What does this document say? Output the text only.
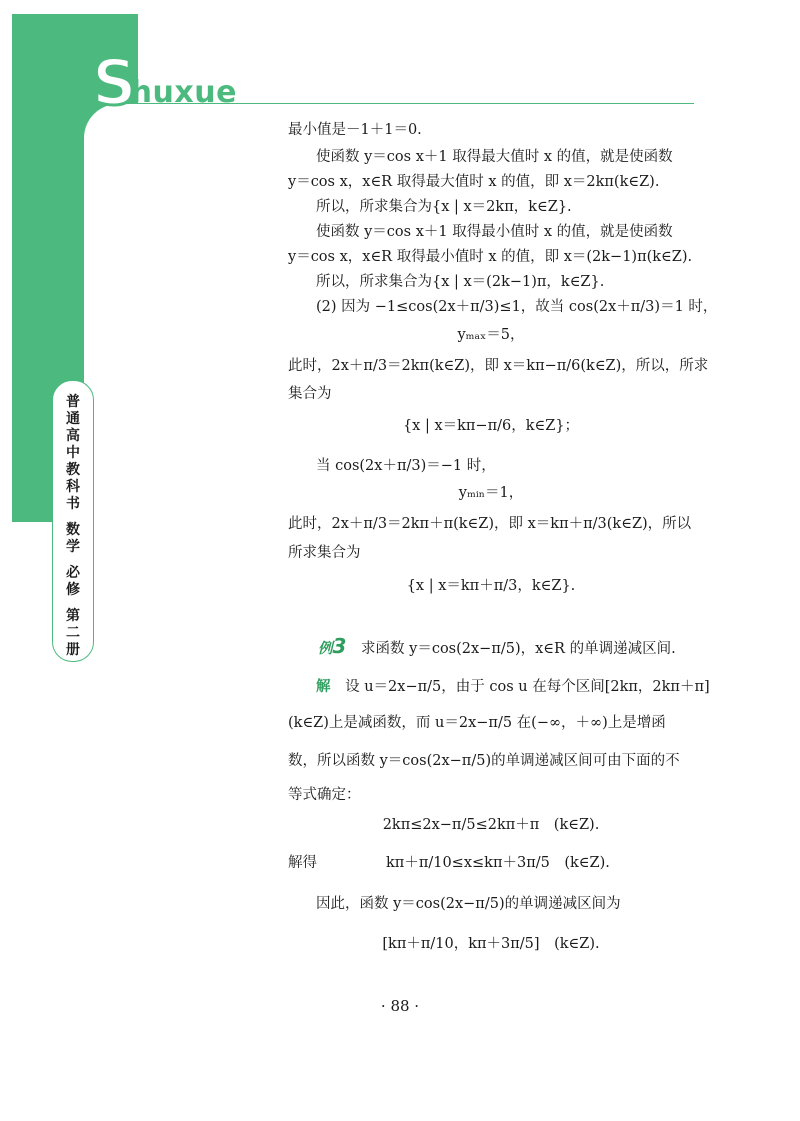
Shuxue
普通高中教科书
数学
必修
第二册
最小值是－1＋1＝0.
使函数 y＝cos x＋1 取得最大值时 x 的值，就是使函数
y＝cos x，x∈R 取得最大值时 x 的值，即 x＝2kπ(k∈Z).
所以，所求集合为{x | x＝2kπ，k∈Z}.
使函数 y＝cos x＋1 取得最小值时 x 的值，就是使函数
y＝cos x，x∈R 取得最小值时 x 的值，即 x＝(2k−1)π(k∈Z).
所以，所求集合为{x | x＝(2k−1)π，k∈Z}.
(2) 因为 −1≤cos(2x＋π/3)≤1，故当 cos(2x＋π/3)＝1 时，
yₘₐₓ＝5，
此时，2x＋π/3＝2kπ(k∈Z)，即 x＝kπ−π/6(k∈Z)，所以，所求
集合为
{x | x＝kπ−π/6，k∈Z}；
当 cos(2x＋π/3)＝−1 时，
yₘᵢₙ＝1，
此时，2x＋π/3＝2kπ＋π(k∈Z)，即 x＝kπ＋π/3(k∈Z)，所以
所求集合为
{x | x＝kπ＋π/3，k∈Z}.
例3 求函数 y＝cos(2x−π/5)，x∈R 的单调递减区间.
解 设 u＝2x−π/5，由于 cos u 在每个区间[2kπ，2kπ＋π]
(k∈Z)上是减函数，而 u＝2x−π/5 在(−∞，＋∞)上是增函
数，所以函数 y＝cos(2x−π/5)的单调递减区间可由下面的不
等式确定：
2kπ≤2x−π/5≤2kπ＋π　(k∈Z).
解得	kπ＋π/10≤x≤kπ＋3π/5　(k∈Z).
因此，函数 y＝cos(2x−π/5)的单调递减区间为
[kπ＋π/10，kπ＋3π/5]　(k∈Z).
· 88 ·
